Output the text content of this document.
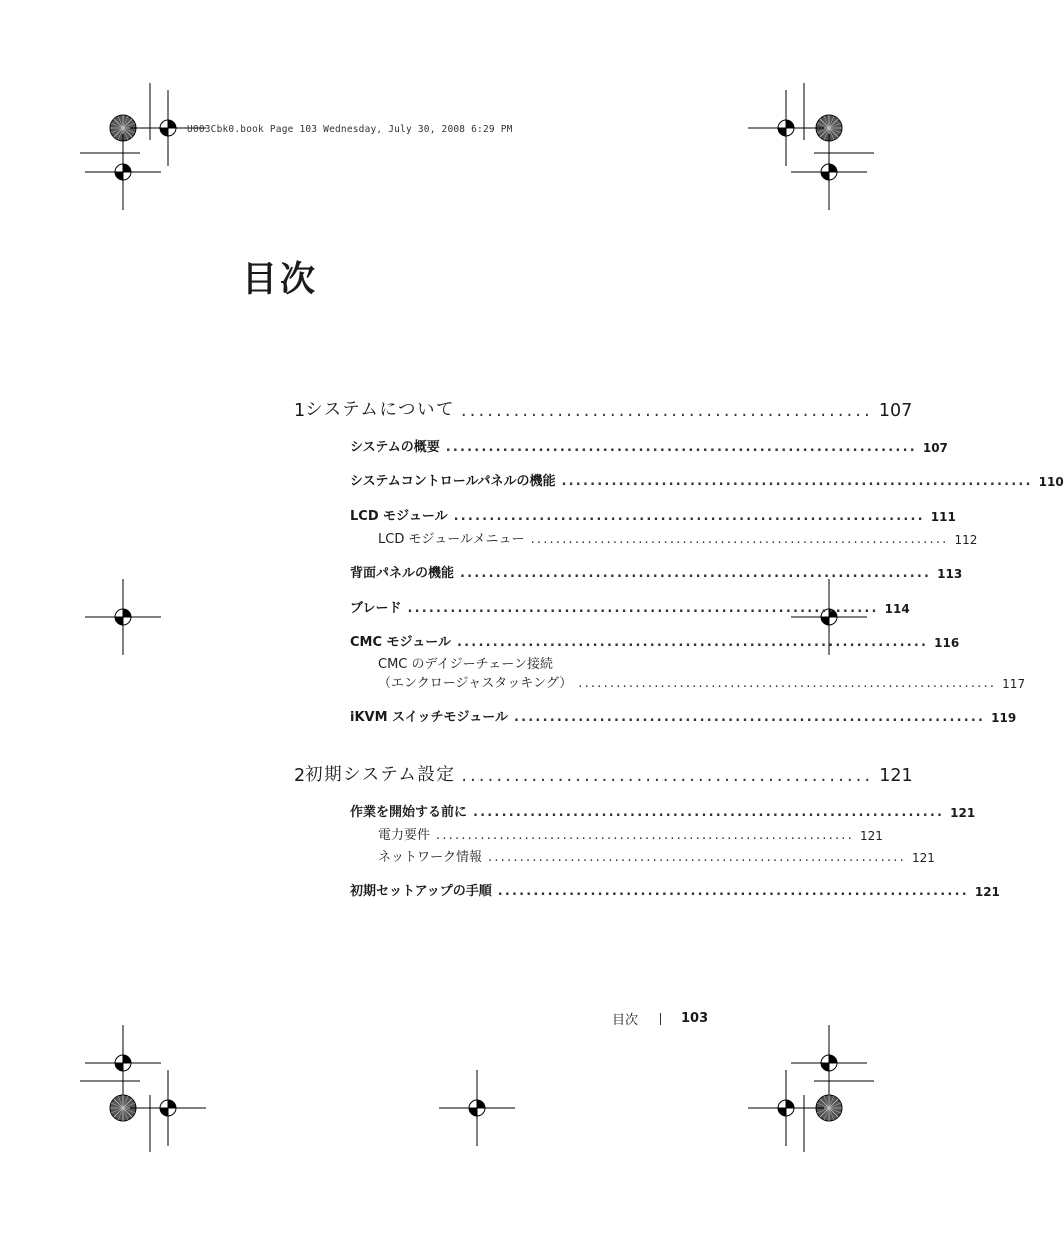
U003Cbk0.book Page 103 Wednesday, July 30, 2008 6:29 PM
目次
1 システムについて ............................................... 107
システムの概要 .................................................................. 107
システムコントロールパネルの機能 .................................................................. 110
LCD モジュール .................................................................. 111
LCD モジュールメニュー .................................................................. 112
背面パネルの機能 .................................................................. 113
ブレード .................................................................. 114
CMC モジュール .................................................................. 116
CMC のデイジーチェーン接続
（エンクロージャスタッキング） .................................................................. 117
iKVM スイッチモジュール .................................................................. 119
2 初期システム設定 ............................................... 121
作業を開始する前に .................................................................. 121
電力要件 .................................................................. 121
ネットワーク情報 .................................................................. 121
初期セットアップの手順 .................................................................. 121
目次	103
